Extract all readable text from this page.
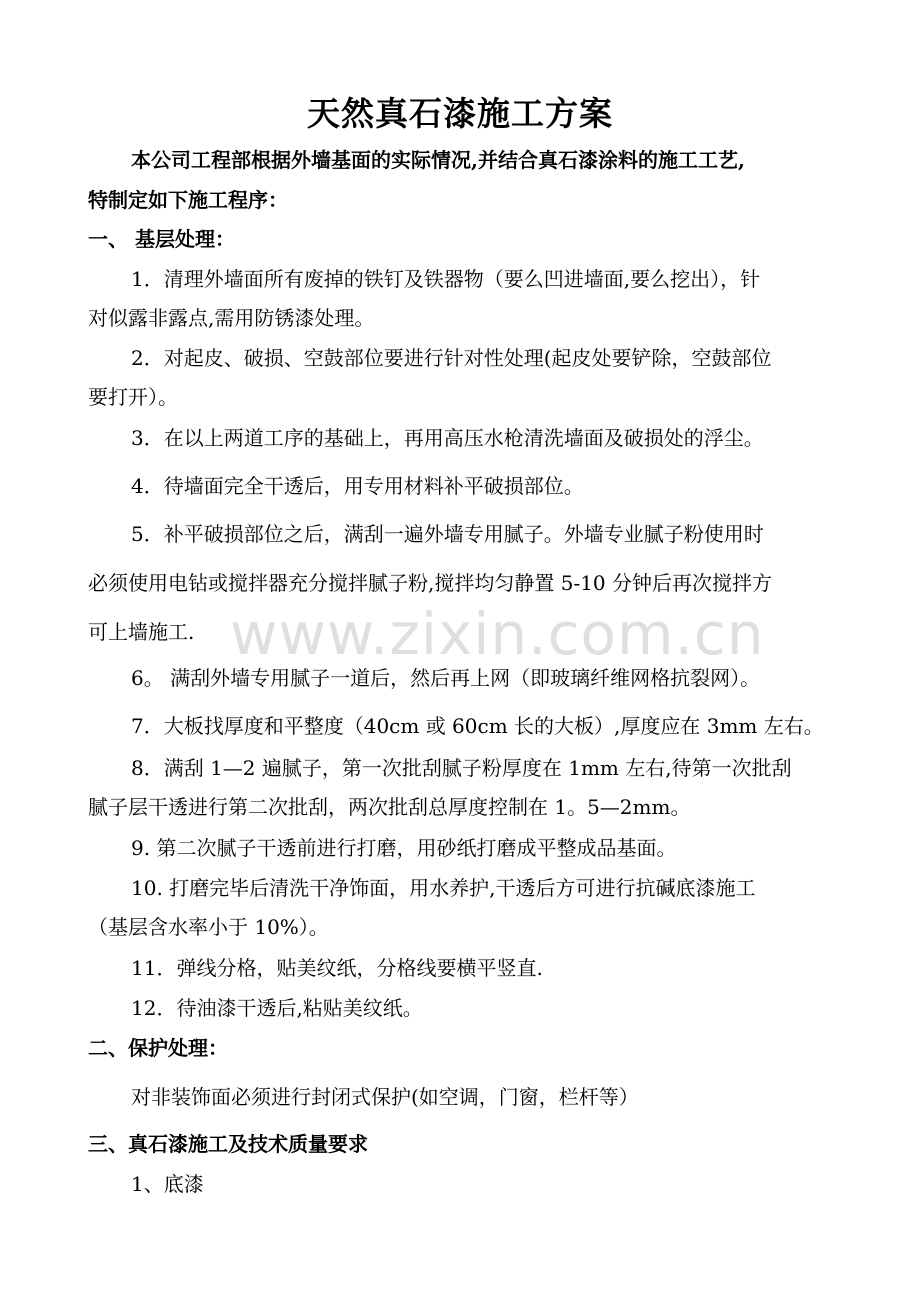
天然真石漆施工方案
本公司工程部根据外墙基面的实际情况,并结合真石漆涂料的施工工艺,
特制定如下施工程序：
一、 基层处理：
1．清理外墙面所有废掉的铁钉及铁器物（要么凹进墙面,要么挖出），针
对似露非露点,需用防锈漆处理。
2．对起皮、破损、空鼓部位要进行针对性处理(起皮处要铲除，空鼓部位
要打开）。
3．在以上两道工序的基础上，再用高压水枪清洗墙面及破损处的浮尘。
4．待墙面完全干透后，用专用材料补平破损部位。
5．补平破损部位之后，满刮一遍外墙专用腻子。外墙专业腻子粉使用时
必须使用电钻或搅拌器充分搅拌腻子粉,搅拌均匀静置 5-10 分钟后再次搅拌方
可上墙施工.
6。 满刮外墙专用腻子一道后，然后再上网（即玻璃纤维网格抗裂网）。
7．大板找厚度和平整度（40cm 或 60cm 长的大板）,厚度应在 3mm 左右。
8．满刮 1—2 遍腻子，第一次批刮腻子粉厚度在 1mm 左右,待第一次批刮
腻子层干透进行第二次批刮，两次批刮总厚度控制在 1。5—2mm。
9. 第二次腻子干透前进行打磨，用砂纸打磨成平整成品基面。
10. 打磨完毕后清洗干净饰面，用水养护,干透后方可进行抗碱底漆施工
（基层含水率小于 10%）。
11．弹线分格，贴美纹纸，分格线要横平竖直.
12．待油漆干透后,粘贴美纹纸。
二、保护处理：
对非装饰面必须进行封闭式保护(如空调，门窗，栏杆等）
三、真石漆施工及技术质量要求
1、底漆
www.zixin.com.cn
